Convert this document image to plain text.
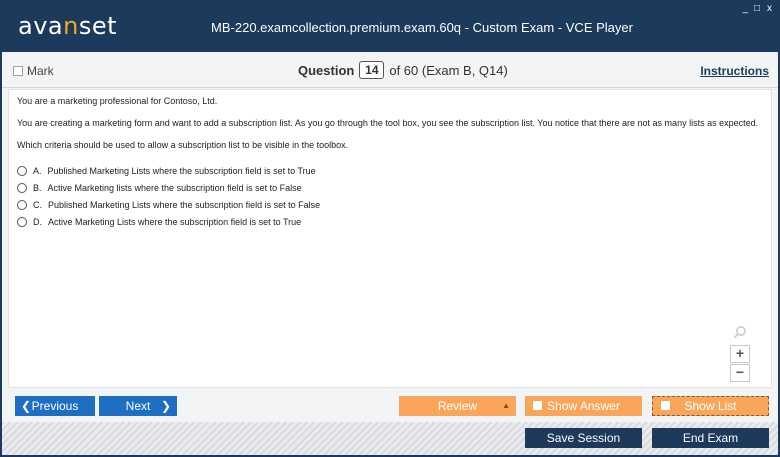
avanset	MB-220.examcollection.premium.exam.60q - Custom Exam - VCE Player
_ □ x
Mark	Question 14 of 60 (Exam B, Q14)	Instructions

You are a marketing professional for Contoso, Ltd.

You are creating a marketing form and want to add a subscription list. As you go through the tool box, you see the subscription list. You notice that there are not as many lists as expected.

Which criteria should be used to allow a subscription list to be visible in the toolbox.

A. Published Marketing Lists where the subscription field is set to True
B. Active Marketing lists where the subscription field is set to False
C. Published Marketing Lists where the subscription field is set to False
D. Active Marketing Lists where the subscription field is set to True
+
−
❮ Previous	Next ❯	Review	▲	Show Answer	Show List
Save Session	End Exam
